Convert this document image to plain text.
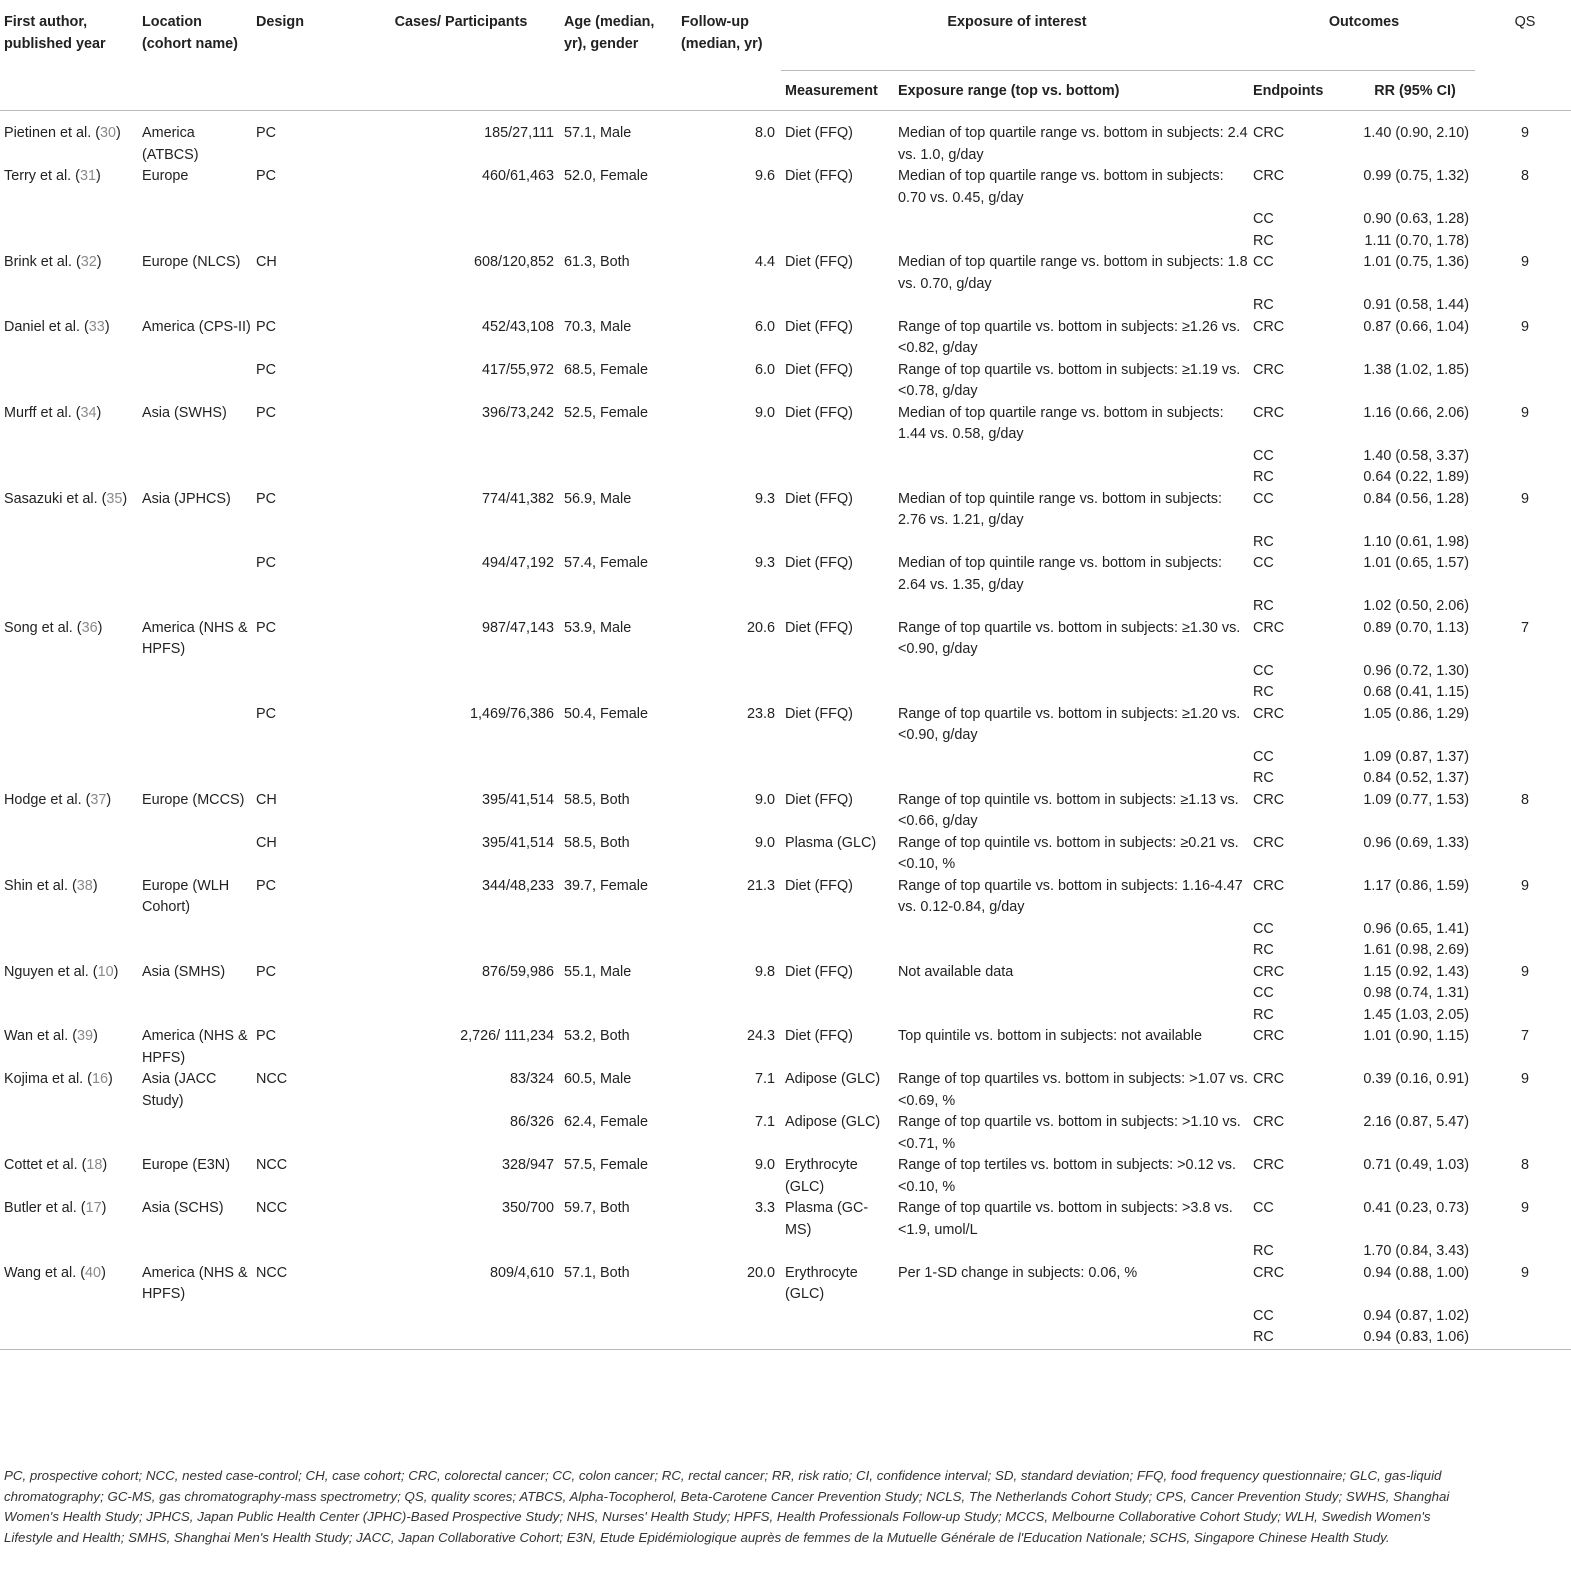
First author, published year	Location (cohort name)	Design	Cases/ Participants	Age (median, yr), gender	Follow-up (median, yr)	Exposure of interest		Outcomes		QS
						Measurement	Exposure range (top vs. bottom)	Endpoints	RR (95% CI)	
Pietinen et al. (30)	America (ATBCS)	PC	185/27,111	57.1, Male	8.0	Diet (FFQ)	Median of top quartile range vs. bottom in subjects: 2.4 vs. 1.0, g/day	CRC	1.40 (0.90, 2.10)	9
Terry et al. (31)	Europe	PC	460/61,463	52.0, Female	9.6	Diet (FFQ)	Median of top quartile range vs. bottom in subjects: 0.70 vs. 0.45, g/day	CRC	0.99 (0.75, 1.32)	8
								CC	0.90 (0.63, 1.28)	
								RC	1.11 (0.70, 1.78)	
Brink et al. (32)	Europe (NLCS)	CH	608/120,852	61.3, Both	4.4	Diet (FFQ)	Median of top quartile range vs. bottom in subjects: 1.8 vs. 0.70, g/day	CC	1.01 (0.75, 1.36)	9
								RC	0.91 (0.58, 1.44)	
Daniel et al. (33)	America (CPS-II)	PC	452/43,108	70.3, Male	6.0	Diet (FFQ)	Range of top quartile vs. bottom in subjects: ≥1.26 vs. <0.82, g/day	CRC	0.87 (0.66, 1.04)	9
		PC	417/55,972	68.5, Female	6.0	Diet (FFQ)	Range of top quartile vs. bottom in subjects: ≥1.19 vs. <0.78, g/day	CRC	1.38 (1.02, 1.85)	
Murff et al. (34)	Asia (SWHS)	PC	396/73,242	52.5, Female	9.0	Diet (FFQ)	Median of top quartile range vs. bottom in subjects: 1.44 vs. 0.58, g/day	CRC	1.16 (0.66, 2.06)	9
								CC	1.40 (0.58, 3.37)	
								RC	0.64 (0.22, 1.89)	
Sasazuki et al. (35)	Asia (JPHCS)	PC	774/41,382	56.9, Male	9.3	Diet (FFQ)	Median of top quintile range vs. bottom in subjects: 2.76 vs. 1.21, g/day	CC	0.84 (0.56, 1.28)	9
								RC	1.10 (0.61, 1.98)	
		PC	494/47,192	57.4, Female	9.3	Diet (FFQ)	Median of top quintile range vs. bottom in subjects: 2.64 vs. 1.35, g/day	CC	1.01 (0.65, 1.57)	
								RC	1.02 (0.50, 2.06)	
Song et al. (36)	America (NHS & HPFS)	PC	987/47,143	53.9, Male	20.6	Diet (FFQ)	Range of top quartile vs. bottom in subjects: ≥1.30 vs. <0.90, g/day	CRC	0.89 (0.70, 1.13)	7
								CC	0.96 (0.72, 1.30)	
								RC	0.68 (0.41, 1.15)	
		PC	1,469/76,386	50.4, Female	23.8	Diet (FFQ)	Range of top quartile vs. bottom in subjects: ≥1.20 vs. <0.90, g/day	CRC	1.05 (0.86, 1.29)	
								CC	1.09 (0.87, 1.37)	
								RC	0.84 (0.52, 1.37)	
Hodge et al. (37)	Europe (MCCS)	CH	395/41,514	58.5, Both	9.0	Diet (FFQ)	Range of top quintile vs. bottom in subjects: ≥1.13 vs. <0.66, g/day	CRC	1.09 (0.77, 1.53)	8
		CH	395/41,514	58.5, Both	9.0	Plasma (GLC)	Range of top quintile vs. bottom in subjects: ≥0.21 vs. <0.10, %	CRC	0.96 (0.69, 1.33)	
Shin et al. (38)	Europe (WLH Cohort)	PC	344/48,233	39.7, Female	21.3	Diet (FFQ)	Range of top quartile vs. bottom in subjects: 1.16-4.47 vs. 0.12-0.84, g/day	CRC	1.17 (0.86, 1.59)	9
								CC	0.96 (0.65, 1.41)	
								RC	1.61 (0.98, 2.69)	
Nguyen et al. (10)	Asia (SMHS)	PC	876/59,986	55.1, Male	9.8	Diet (FFQ)	Not available data	CRC	1.15 (0.92, 1.43)	9
								CC	0.98 (0.74, 1.31)	
								RC	1.45 (1.03, 2.05)	
Wan et al. (39)	America (NHS & HPFS)	PC	2,726/ 111,234	53.2, Both	24.3	Diet (FFQ)	Top quintile vs. bottom in subjects: not available	CRC	1.01 (0.90, 1.15)	7
Kojima et al. (16)	Asia (JACC Study)	NCC	83/324	60.5, Male	7.1	Adipose (GLC)	Range of top quartiles vs. bottom in subjects: >1.07 vs. <0.69, %	CRC	0.39 (0.16, 0.91)	9
			86/326	62.4, Female	7.1	Adipose (GLC)	Range of top quartile vs. bottom in subjects: >1.10 vs. <0.71, %	CRC	2.16 (0.87, 5.47)	
Cottet et al. (18)	Europe (E3N)	NCC	328/947	57.5, Female	9.0	Erythrocyte (GLC)	Range of top tertiles vs. bottom in subjects: >0.12 vs. <0.10, %	CRC	0.71 (0.49, 1.03)	8
Butler et al. (17)	Asia (SCHS)	NCC	350/700	59.7, Both	3.3	Plasma (GC-MS)	Range of top quartile vs. bottom in subjects: >3.8 vs. <1.9, umol/L	CC	0.41 (0.23, 0.73)	9
								RC	1.70 (0.84, 3.43)	
Wang et al. (40)	America (NHS & HPFS)	NCC	809/4,610	57.1, Both	20.0	Erythrocyte (GLC)	Per 1-SD change in subjects: 0.06, %	CRC	0.94 (0.88, 1.00)	9
								CC	0.94 (0.87, 1.02)	
								RC	0.94 (0.83, 1.06)	
PC, prospective cohort; NCC, nested case-control; CH, case cohort; CRC, colorectal cancer; CC, colon cancer; RC, rectal cancer; RR, risk ratio; CI, confidence interval; SD, standard deviation; FFQ, food frequency questionnaire; GLC, gas-liquid chromatography; GC-MS, gas chromatography-mass spectrometry; QS, quality scores; ATBCS, Alpha-Tocopherol, Beta-Carotene Cancer Prevention Study; NCLS, The Netherlands Cohort Study; CPS, Cancer Prevention Study; SWHS, Shanghai Women's Health Study; JPHCS, Japan Public Health Center (JPHC)-Based Prospective Study; NHS, Nurses' Health Study; HPFS, Health Professionals Follow-up Study; MCCS, Melbourne Collaborative Cohort Study; WLH, Swedish Women's Lifestyle and Health; SMHS, Shanghai Men's Health Study; JACC, Japan Collaborative Cohort; E3N, Etude Epidémiologique auprès de femmes de la Mutuelle Générale de l'Education Nationale; SCHS, Singapore Chinese Health Study.
